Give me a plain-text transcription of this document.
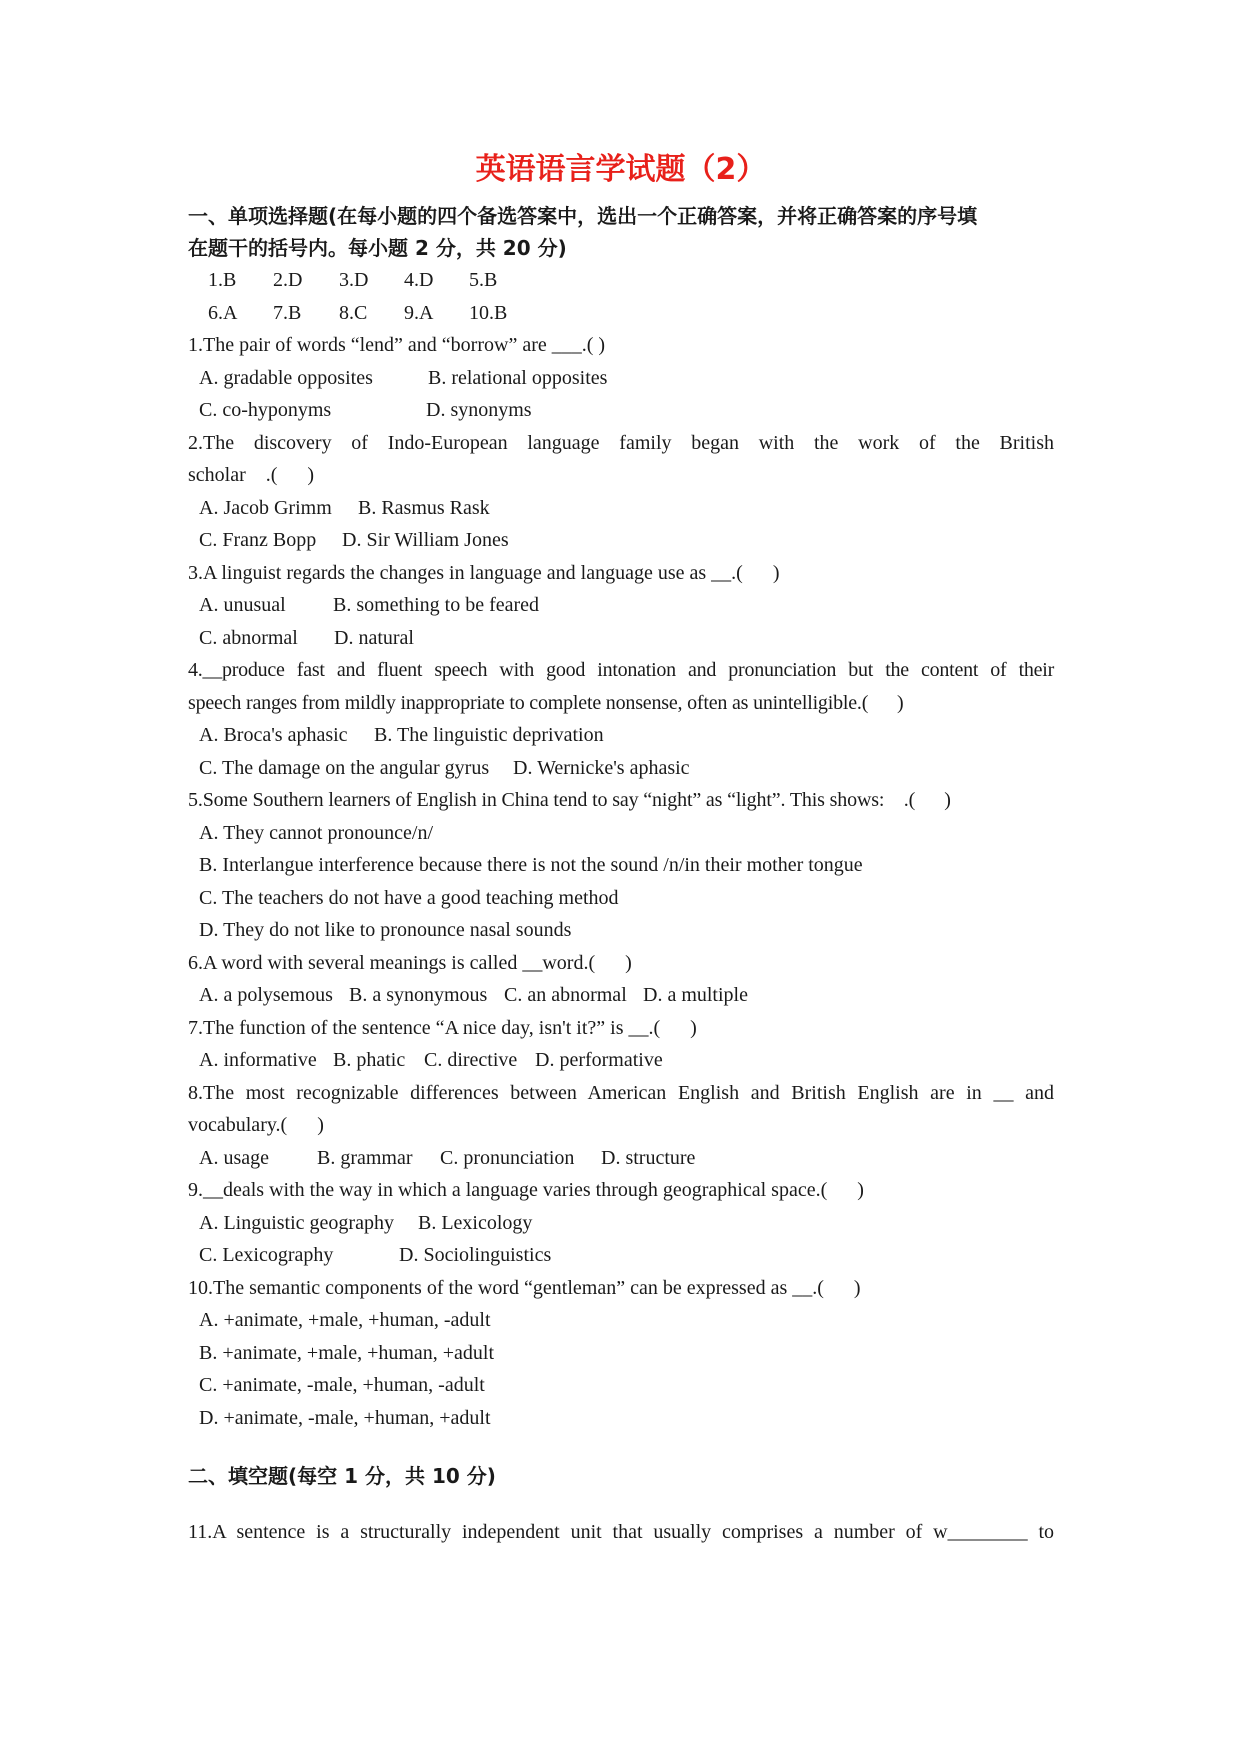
英语语言学试题（2）
一、单项选择题(在每小题的四个备选答案中，选出一个正确答案，并将正确答案的序号填
在题干的括号内。每小题 2 分，共 20 分)
1.B	2.D	3.D	4.D	5.B
6.A	7.B	8.C	9.A	10.B
1.The pair of words “lend” and “borrow” are ___.( )
A. gradable opposites	B. relational opposites
C. co-hyponyms	D. synonyms
2.The discovery of Indo-European language family began with the work of the British
scholar    .(      )
A. Jacob Grimm B. Rasmus Rask
C. Franz Bopp D. Sir William Jones
3.A linguist regards the changes in language and language use as __.(      )
A. unusual B. something to be feared
C. abnormal D. natural
4.__produce fast and fluent speech with good intonation and pronunciation but the content of their
speech ranges from mildly inappropriate to complete nonsense, often as unintelligible.(      )
A. Broca's aphasic B. The linguistic deprivation
C. The damage on the angular gyrus D. Wernicke's aphasic
5.Some Southern learners of English in China tend to say “night” as “light”. This shows:    .(      )
A. They cannot pronounce/n/
B. Interlangue interference because there is not the sound /n/in their mother tongue
C. The teachers do not have a good teaching method
D. They do not like to pronounce nasal sounds
6.A word with several meanings is called __word.(      )
A. a polysemous B. a synonymous C. an abnormal D. a multiple
7.The function of the sentence “A nice day, isn't it?” is __.(      )
A. informative B. phatic C. directive D. performative
8.The most recognizable differences between American English and British English are in __ and
vocabulary.(      )
A. usage B. grammar C. pronunciation D. structure
9.__deals with the way in which a language varies through geographical space.(      )
A. Linguistic geography B. Lexicology
C. Lexicography	D. Sociolinguistics
10.The semantic components of the word “gentleman” can be expressed as __.(      )
A. +animate, +male, +human, -adult
B. +animate, +male, +human, +adult
C. +animate, -male, +human, -adult
D. +animate, -male, +human, +adult
二、填空题(每空 1 分，共 10 分)
11.A sentence is a structurally independent unit that usually comprises a number of w________ to
